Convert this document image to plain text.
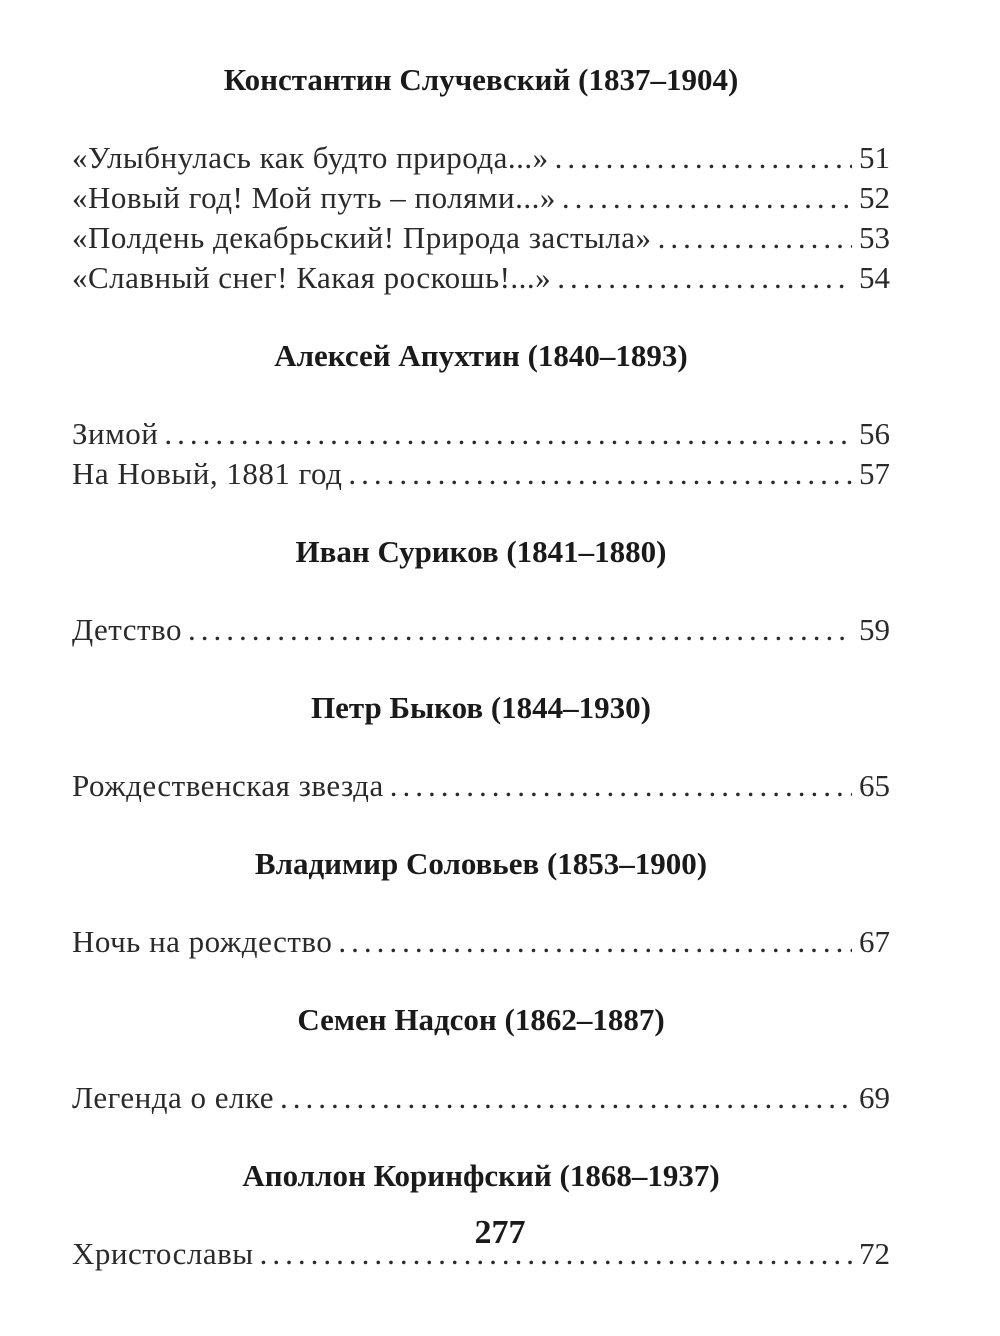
Константин Случевский (1837–1904)
«Улыбнулась как будто природа...» .....	51
«Новый год! Мой путь – полями...» .....	52
«Полдень декабрьский! Природа застыла» .....	53
«Славный снег! Какая роскошь!...» .....	54
Алексей Апухтин (1840–1893)
Зимой .....	56
На Новый, 1881 год .....	57
Иван Суриков (1841–1880)
Детство .....	59
Петр Быков (1844–1930)
Рождественская звезда .....	65
Владимир Соловьев (1853–1900)
Ночь на рождество .....	67
Семен Надсон (1862–1887)
Легенда о елке .....	69
Аполлон Коринфский (1868–1937)
Христославы .....	72
277
